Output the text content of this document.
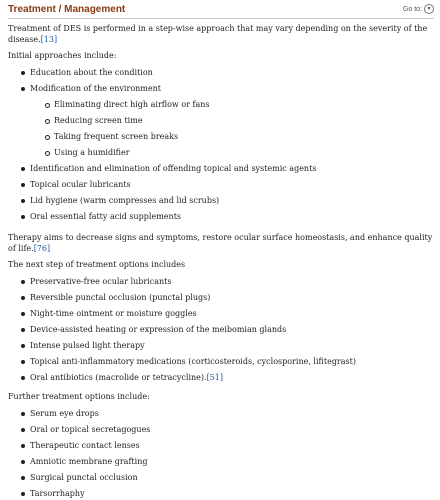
Treatment / Management	Go to: ▼

Treatment of DES is performed in a step-wise approach that may vary depending on the severity of the disease.[13]

Initial approaches include:

Education about the condition
Modification of the environment
Eliminating direct high airflow or fans
Reducing screen time
Taking frequent screen breaks
Using a humidifier
Identification and elimination of offending topical and systemic agents
Topical ocular lubricants
Lid hygiene (warm compresses and lid scrubs)
Oral essential fatty acid supplements

Therapy aims to decrease signs and symptoms, restore ocular surface homeostasis, and enhance quality of life.[76]

The next step of treatment options includes

Preservative-free ocular lubricants
Reversible punctal occlusion (punctal plugs)
Night-time ointment or moisture goggles
Device-assisted heating or expression of the meibomian glands
Intense pulsed light therapy
Topical anti-inflammatory medications (corticosteroids, cyclosporine, lifitegrast)
Oral antibiotics (macrolide or tetracycline).[51]

Further treatment options include:

Serum eye drops
Oral or topical secretagogues
Therapeutic contact lenses
Amniotic membrane grafting
Surgical punctal occlusion
Tarsorrhaphy
